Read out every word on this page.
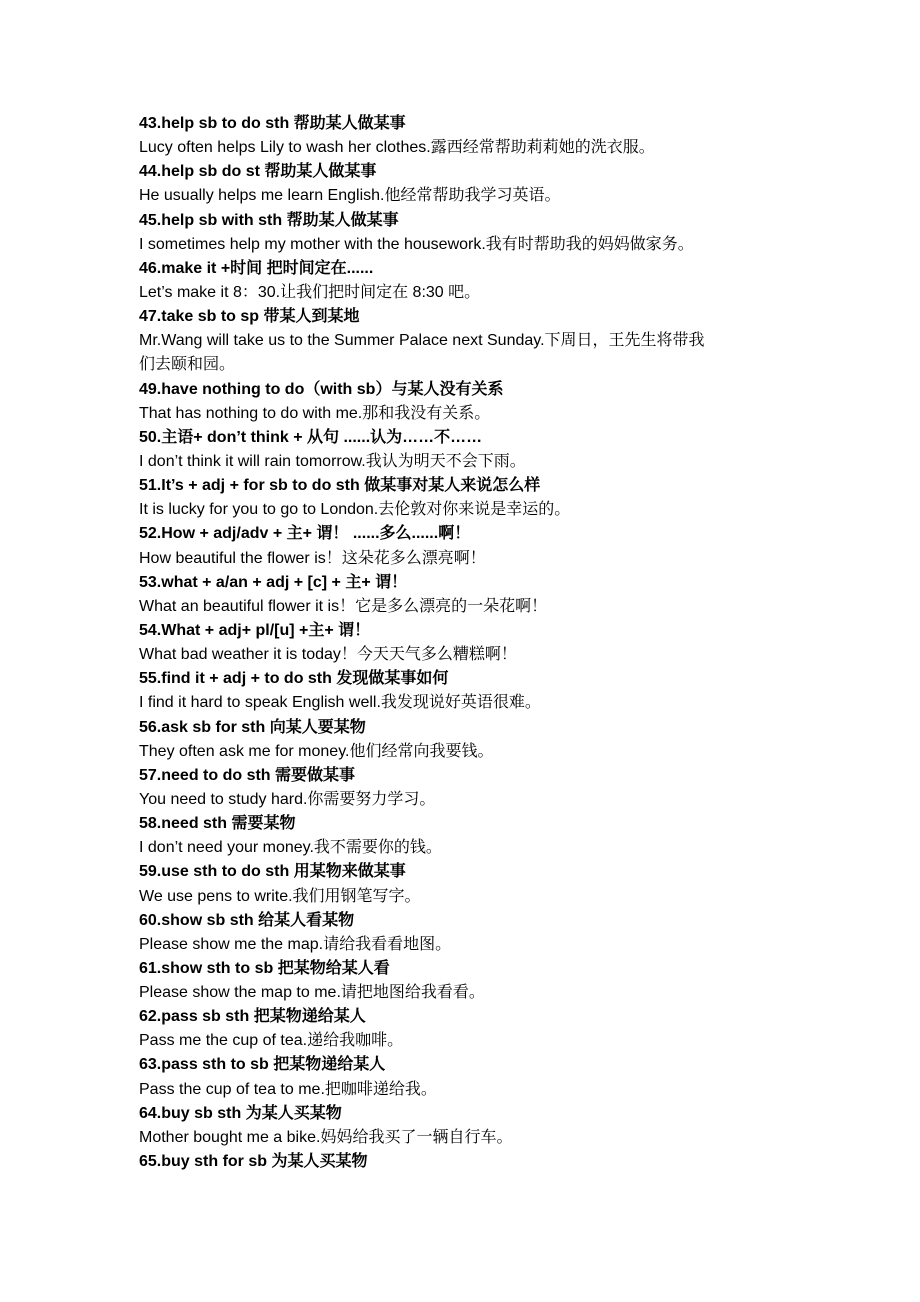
43.help sb to do sth 帮助某人做某事
Lucy often helps Lily to wash her clothes.露西经常帮助莉莉她的洗衣服。
44.help sb do st 帮助某人做某事
He usually helps me learn English.他经常帮助我学习英语。
45.help sb with sth 帮助某人做某事
I sometimes help my mother with the housework.我有时帮助我的妈妈做家务。
46.make it +时间 把时间定在......
Let’s make it 8：30.让我们把时间定在 8:30 吧。
47.take sb to sp 带某人到某地
Mr.Wang will take us to the Summer Palace next Sunday.下周日，王先生将带我
们去颐和园。
49.have nothing to do（with sb）与某人没有关系
That has nothing to do with me.那和我没有关系。
50.主语+ don’t think + 从句 ......认为……不……
I don’t think it will rain tomorrow.我认为明天不会下雨。
51.It’s + adj + for sb to do sth 做某事对某人来说怎么样
It is lucky for you to go to London.去伦敦对你来说是幸运的。
52.How + adj/adv + 主+ 谓！ ......多么......啊！
How beautiful the flower is！这朵花多么漂亮啊！
53.what + a/an + adj + [c] + 主+ 谓！
What an beautiful flower it is！它是多么漂亮的一朵花啊！
54.What + adj+ pl/[u] +主+ 谓！
What bad weather it is today！今天天气多么糟糕啊！
55.find it + adj + to do sth 发现做某事如何
I find it hard to speak English well.我发现说好英语很难。
56.ask sb for sth 向某人要某物
They often ask me for money.他们经常向我要钱。
57.need to do sth 需要做某事
You need to study hard.你需要努力学习。
58.need sth 需要某物
I don’t need your money.我不需要你的钱。
59.use sth to do sth 用某物来做某事
We use pens to write.我们用钢笔写字。
60.show sb sth 给某人看某物
Please show me the map.请给我看看地图。
61.show sth to sb 把某物给某人看
Please show the map to me.请把地图给我看看。
62.pass sb sth 把某物递给某人
Pass me the cup of tea.递给我咖啡。
63.pass sth to sb 把某物递给某人
Pass the cup of tea to me.把咖啡递给我。
64.buy sb sth 为某人买某物
Mother bought me a bike.妈妈给我买了一辆自行车。
65.buy sth for sb 为某人买某物
